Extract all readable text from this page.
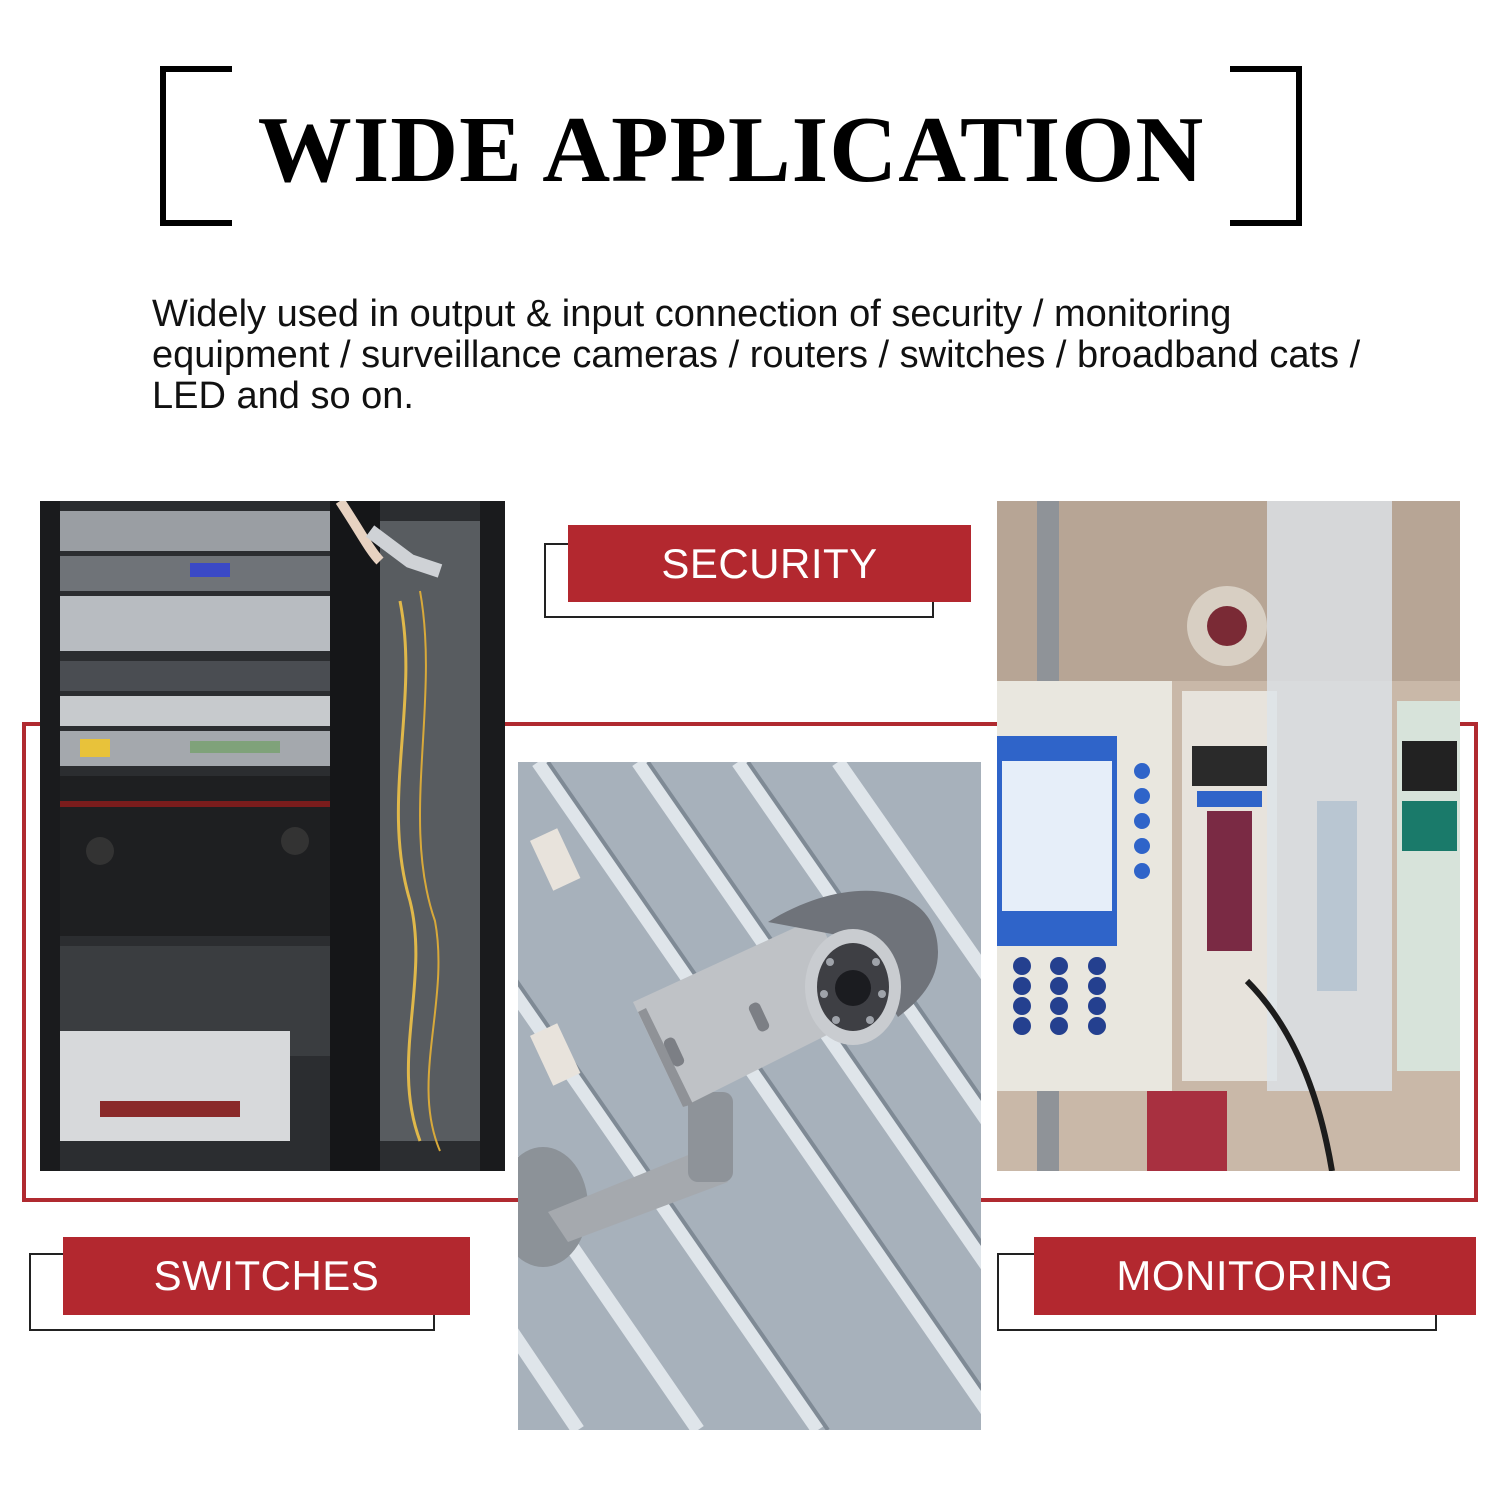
WIDE APPLICATION
Widely used in output & input connection of security / monitoring equipment / surveillance cameras / routers / switches / broadband cats / LED and so on.
SECURITY
SWITCHES	MONITORING
